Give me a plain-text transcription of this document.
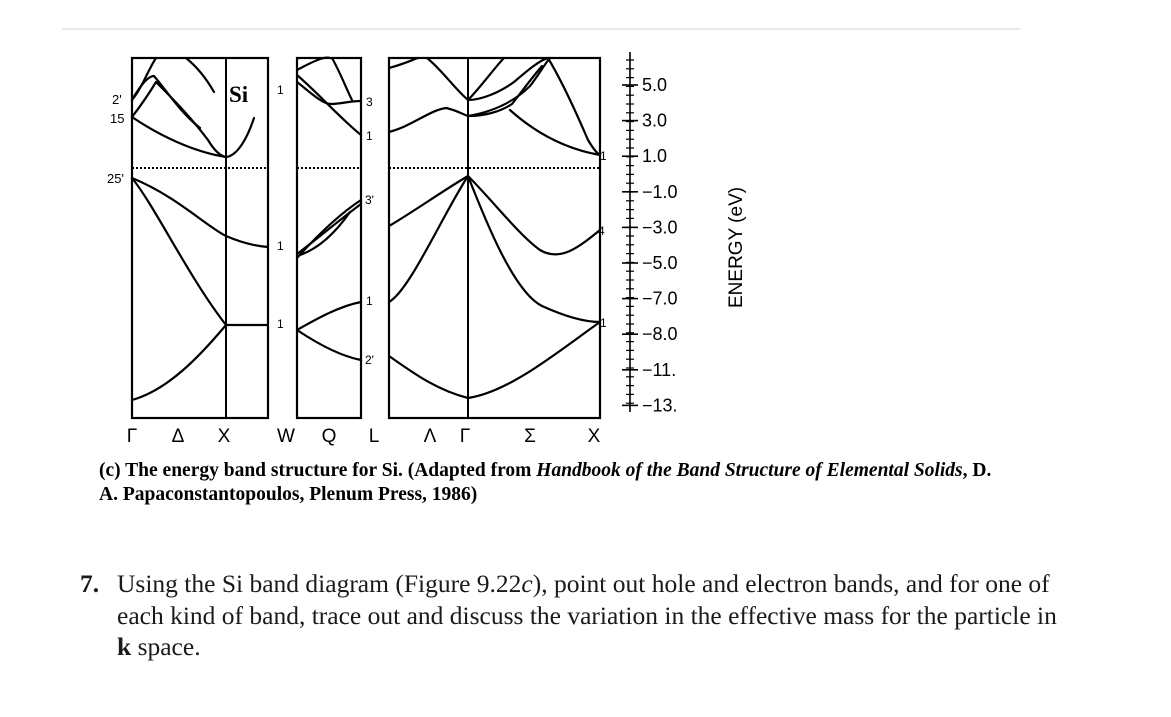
5.0
3.0
1.0
−1.0
−3.0
−5.0
−7.0
−8.0
−11.
−13.
ENERGY (eV)
Si
2'
15
25'
1
3
1
3'
1
1
1
2'
4
1
1
Γ Δ X W Q L Λ Γ	Σ	X
(c) The energy band structure for Si. (Adapted from Handbook of the Band Structure of Elemental Solids, D. A. Papaconstantopoulos, Plenum Press, 1986)
7. Using the Si band diagram (Figure 9.22c), point out hole and electron bands, and for one of each kind of band, trace out and discuss the variation in the effective mass for the particle in k space.
